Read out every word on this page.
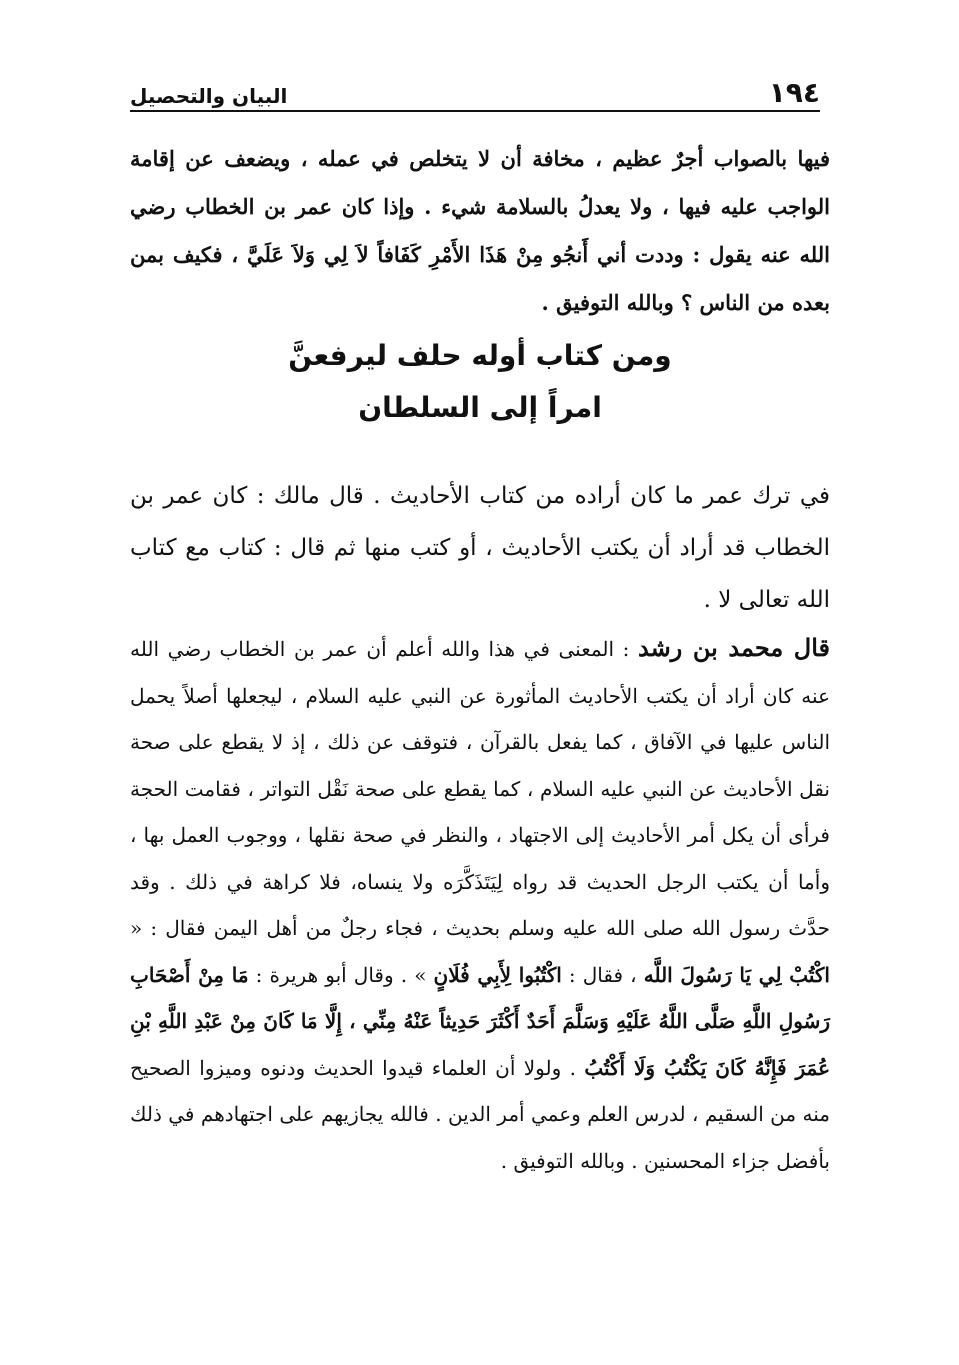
١٩٤
البيان والتحصيل

فيها بالصواب أجرٌ عظيم ، مخافة أن لا يتخلص في عمله ، ويضعف عن إقامة الواجب عليه فيها ، ولا يعدلُ بالسلامة شيء . وإذا كان عمر بن الخطاب رضي الله عنه يقول : وددت أني أَنجُو مِنْ هَذَا الأَمْرِ كَفَافاً لاَ لِي وَلاَ عَلَيَّ ، فكيف بمن بعده من الناس ؟ وبالله التوفيق .

ومن كتاب أوله حلف ليرفعنَّ
امراً إلى السلطان

في ترك عمر ما كان أراده من كتاب الأحاديث . قال مالك : كان عمر بن الخطاب قد أراد أن يكتب الأحاديث ، أو كتب منها ثم قال : كتاب مع كتاب الله تعالى لا .

قال محمد بن رشد : المعنى في هذا والله أعلم أن عمر بن الخطاب رضي الله عنه كان أراد أن يكتب الأحاديث المأثورة عن النبي عليه السلام ، ليجعلها أصلاً يحمل الناس عليها في الآفاق ، كما يفعل بالقرآن ، فتوقف عن ذلك ، إذ لا يقطع على صحة نقل الأحاديث عن النبي عليه السلام ، كما يقطع على صحة نَقْل التواتر ، فقامت الحجة فرأى أن يكل أمر الأحاديث إلى الاجتهاد ، والنظر في صحة نقلها ، ووجوب العمل بها ، وأما أن يكتب الرجل الحديث قد رواه لِيَتَذَكَّرَه ولا ينساه، فلا كراهة في ذلك . وقد حدَّث رسول الله صلى الله عليه وسلم بحديث ، فجاء رجلٌ من أهل اليمن فقال : « اكْتُبْ لِي يَا رَسُولَ اللَّه ، فقال : اكْتُبُوا لِأَبِي فُلَانٍ » . وقال أبو هريرة : مَا مِنْ أَصْحَابِ رَسُولِ اللَّهِ صَلَّى اللَّهُ عَلَيْهِ وَسَلَّمَ أَحَدٌ أَكْثَرَ حَدِيثاً عَنْهُ مِنِّي ، إِلَّا مَا كَانَ مِنْ عَبْدِ اللَّهِ بْنِ عُمَرَ فَإِنَّهُ كَانَ يَكْتُبُ وَلَا أَكْتُبُ . ولولا أن العلماء قيدوا الحديث ودنوه وميزوا الصحيح منه من السقيم ، لدرس العلم وعمي أمر الدين . فالله يجازيهم على اجتهادهم في ذلك بأفضل جزاء المحسنين . وبالله التوفيق .
